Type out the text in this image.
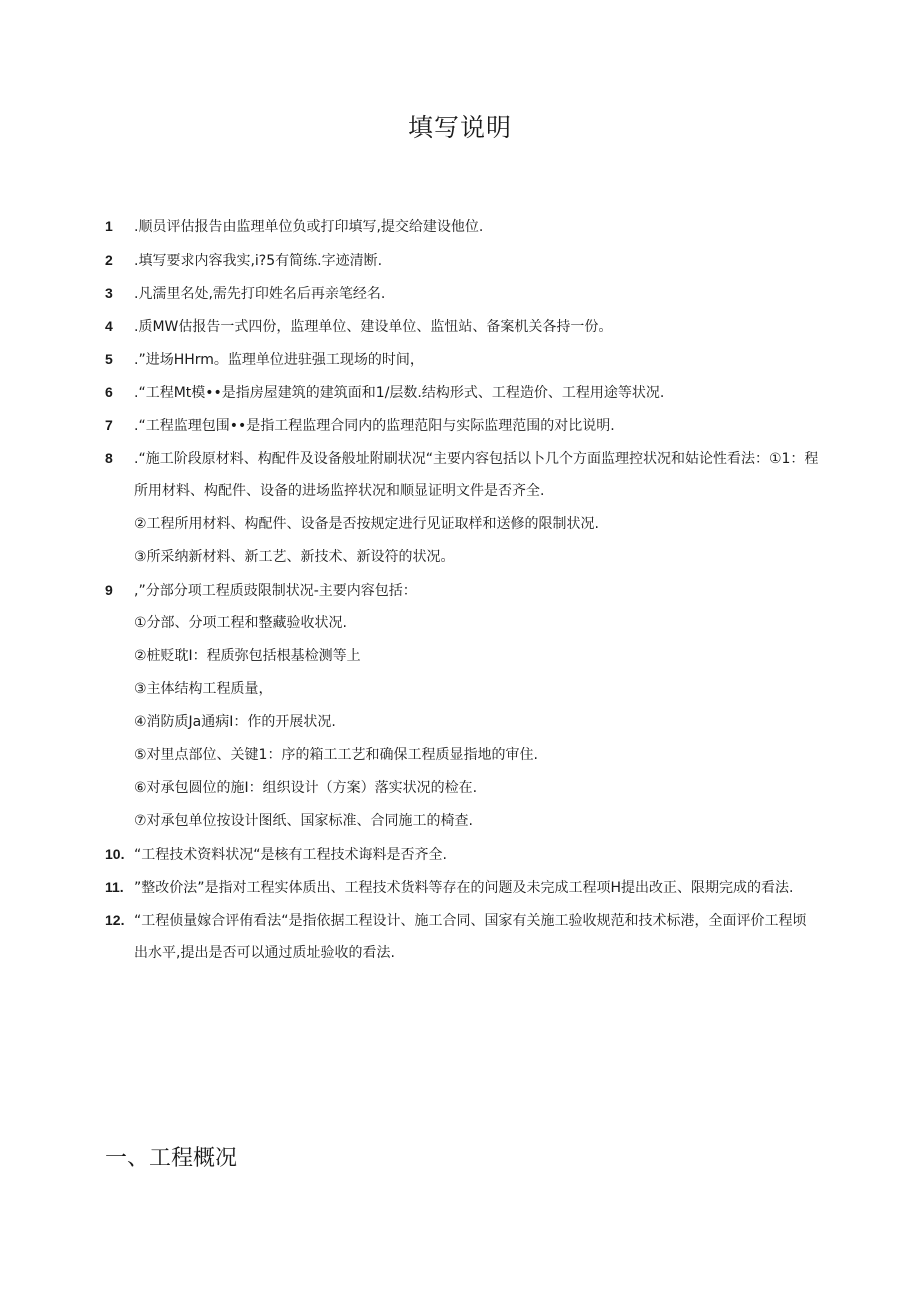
填写说明
1 .顺员评估报告由监理单位负或打印填写,提交给建设他位.
2 .填写要求内容我实,i?5有简练.字迹清断.
3 .凡濡里名处,需先打印姓名后再亲笔经名.
4 .质MW估报告一式四份，监理单位、建设单位、监忸站、备案机关各持一份。
5 .”进场HHrm。监理单位进驻强工现场的时间，
6 .“工程Mt模••是指房屋建筑的建筑面和1/层数.结构形式、工程造价、工程用途等状况.
7 .“工程监理包围••是指工程监理合同内的监理范阳与实际监理范围的对比说明.
8 .“施工阶段原材料、构配件及设备般址附刷状况“主要内容包括以卜几个方面监理控状况和姑论性看法：①1：程
所用材料、构配件、设备的进场监捽状况和顺显证明文件是否齐全.
②工程所用材料、构配件、设备是否按规定进行见证取样和送修的限制状况.
③所采纳新材料、新工艺、新技术、新设符的状况。
9 ,”分部分项工程质豉限制状况-主要内容包括：
①分部、分项工程和整藏验收状况.
②桩贬耽I：程质弥包括根基检测等上
③主体结构工程质量，
④消防质Ja通病I：作的开展状况.
⑤对里点部位、关键1：序的箱工工艺和确保工程质显指地的审住.
⑥对承包圆位的施I：组织设计（方案）落实状况的检在.
⑦对承包单位按设计图纸、国家标准、合同施工的椅查.
10. “工程技术资料状况“是核有工程技术诲料是否齐全.
11. ”整改价法”是指对工程实体质出、工程技术货料等存在的问题及未完成工程项H提出改正、限期完成的看法.
12. “工程侦量嫁合评侑看法“是指依据工程设计、施工合同、国家有关施工验收规范和技术标港，全面评价工程顷
出水平,提出是否可以通过质址验收的看法.
一、工程概况
